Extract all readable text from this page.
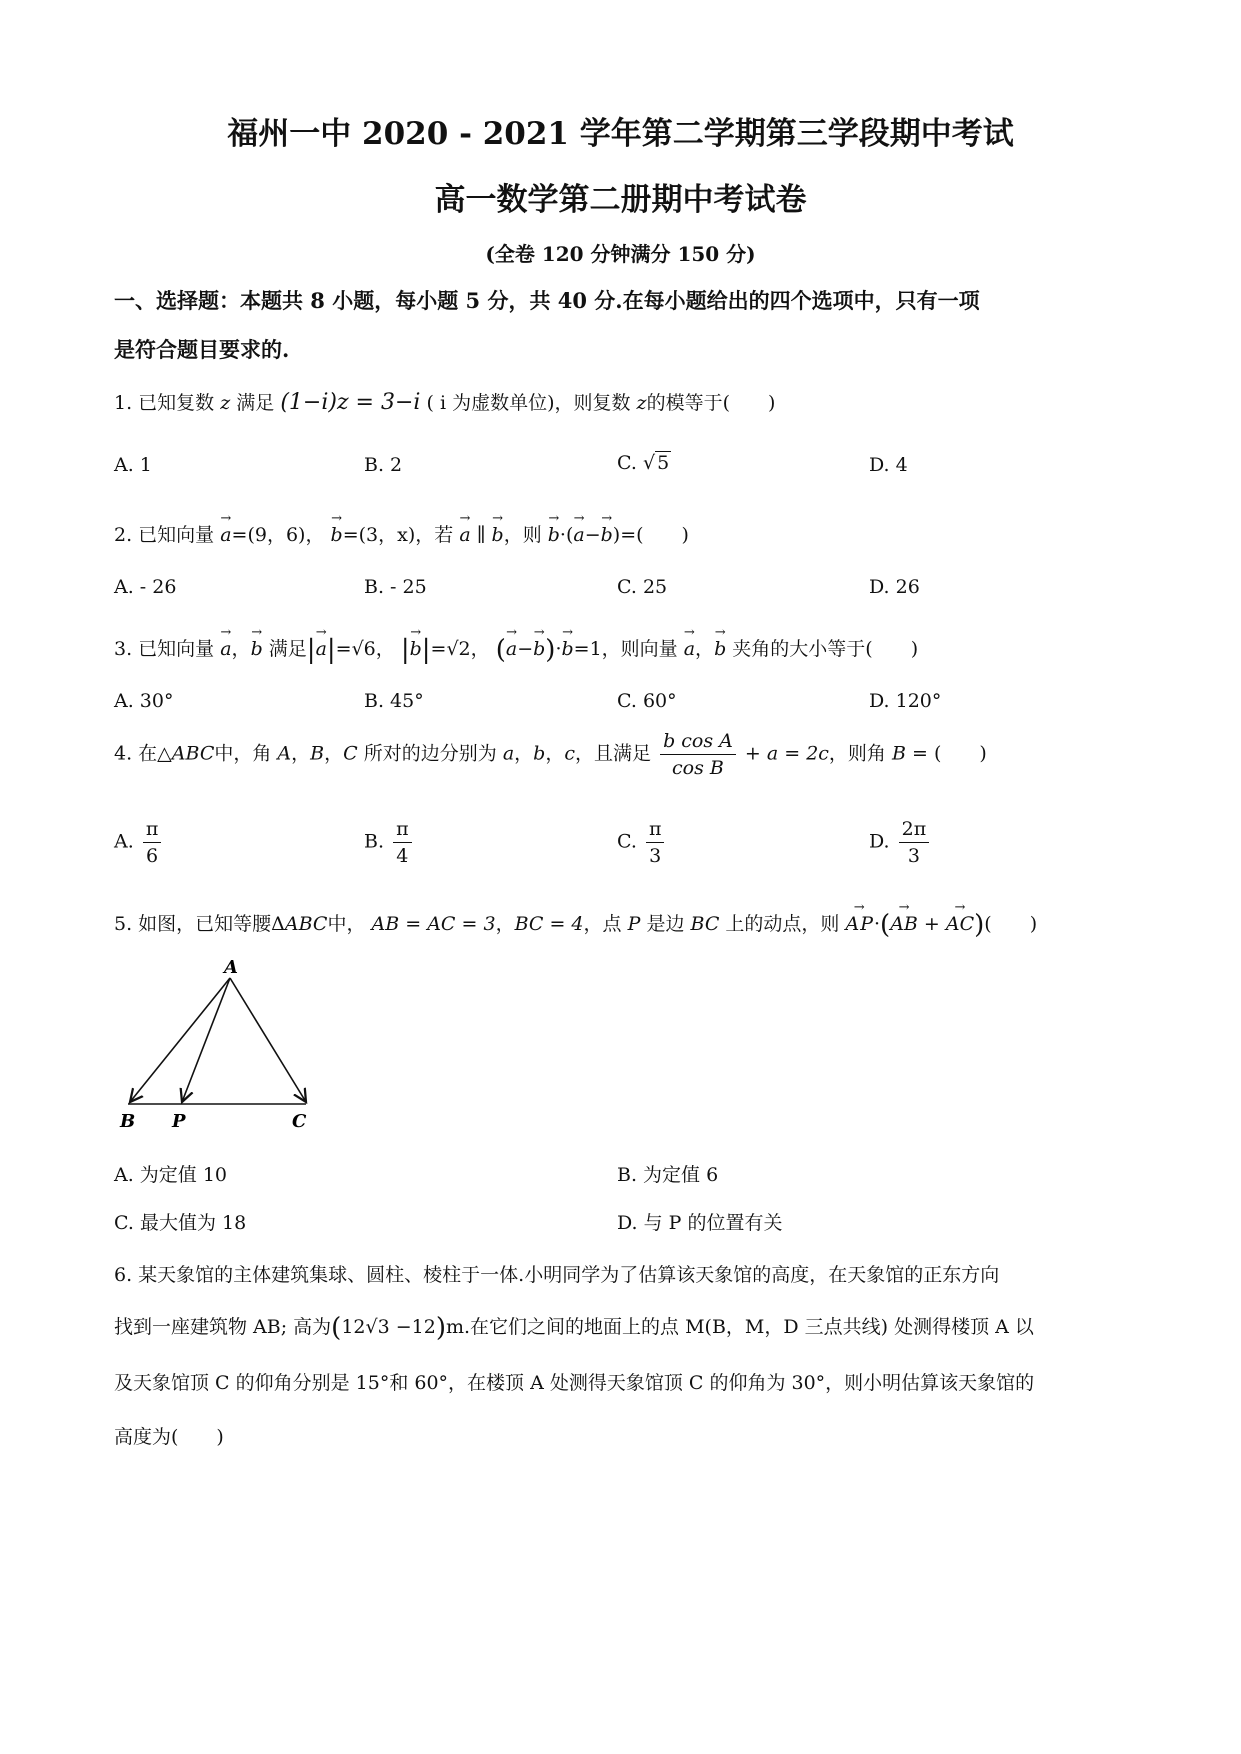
福州一中 2020 - 2021 学年第二学期第三学段期中考试
高一数学第二册期中考试卷
(全卷 120 分钟满分 150 分)
一、选择题：本题共 8 小题，每小题 5 分，共 40 分.在每小题给出的四个选项中，只有一项
是符合题目要求的.
1. 已知复数 z 满足 (1−i)z = 3−i ( i 为虚数单位)，则复数 z的模等于(　　)
A. 1	B. 2	C. √ 5	D. 4
2. 已知向量 → a=(9，6)， → b=(3，x)，若 → a ∥ → b，则 → b·(→ a−→ b)=(　　)
A. - 26	B. - 25	C. 25	D. 26
3. 已知向量 → a，→ b 满足|→ a|=√6， |→ b|=√2， (→ a−→ b)·→ b=1，则向量 → a，→ b 夹角的大小等于(　　)
A. 30°	B. 45°	C. 60°	D. 120°
4. 在△ABC中，角 A，B，C 所对的边分别为 a，b，c，且满足 $\frac{\text{b cos A}}{\text{cos B}} + a = 2c$，则角 B = (　　)
A. $\frac{\pi}{6}$	B. $\frac{\pi}{4}$	C. $\frac{\pi}{3}$	D. $\frac{2\pi}{3}$
5. 如图，已知等腰ΔABC中， AB = AC = 3，BC = 4，点 P 是边 BC 上的动点，则 → AP·(→ AB + → AC)(　　)
A
B P	C
A. 为定值 10	B. 为定值 6
C. 最大值为 18	D. 与 P 的位置有关
6. 某天象馆的主体建筑集球、圆柱、棱柱于一体.小明同学为了估算该天象馆的高度，在天象馆的正东方向
找到一座建筑物 AB; 高为(12√3 −12)m.在它们之间的地面上的点 M(B，M，D 三点共线) 处测得楼顶 A 以
及天象馆顶 C 的仰角分别是 15°和 60°，在楼顶 A 处测得天象馆顶 C 的仰角为 30°，则小明估算该天象馆的
高度为(　　)
